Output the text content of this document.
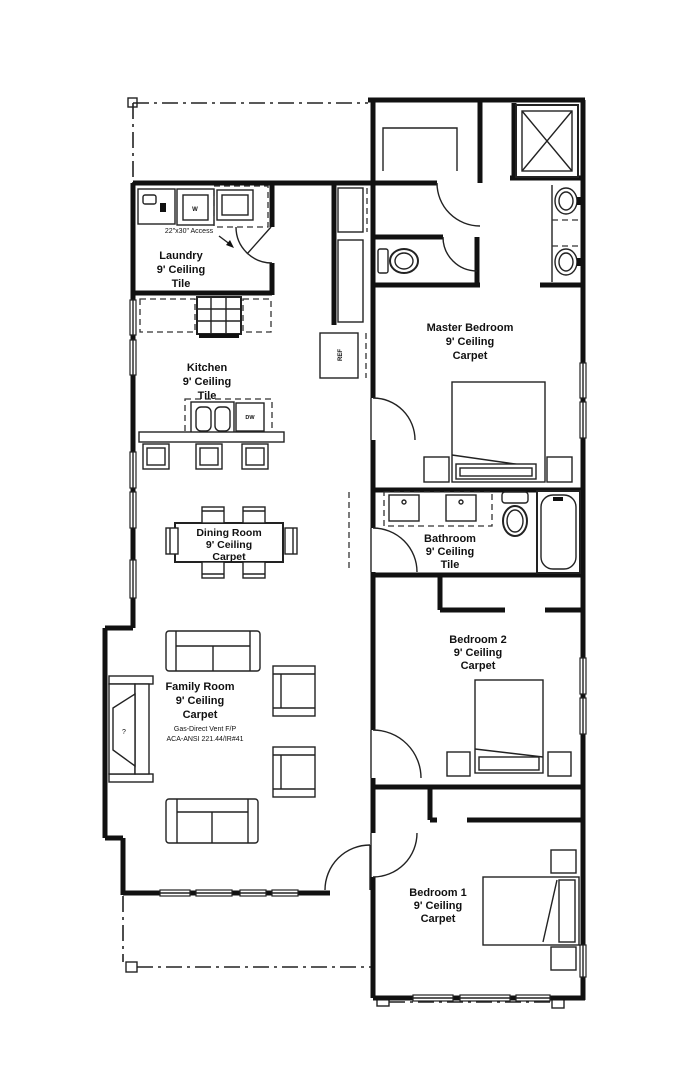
W
22"x30" Access
DW
REF
?
Laundry
9' Ceiling
Tile
Kitchen
9' Ceiling
Tile
Dining Room
9' Ceiling
Carpet
Family Room
9' Ceiling
Carpet
Gas-Direct Vent F/P
ACA-ANSI 221.44/IR#41
Master Bedroom
9' Ceiling
Carpet
Bathroom
9' Ceiling
Tile
Bedroom 2
9' Ceiling
Carpet
Bedroom 1
9' Ceiling
Carpet
